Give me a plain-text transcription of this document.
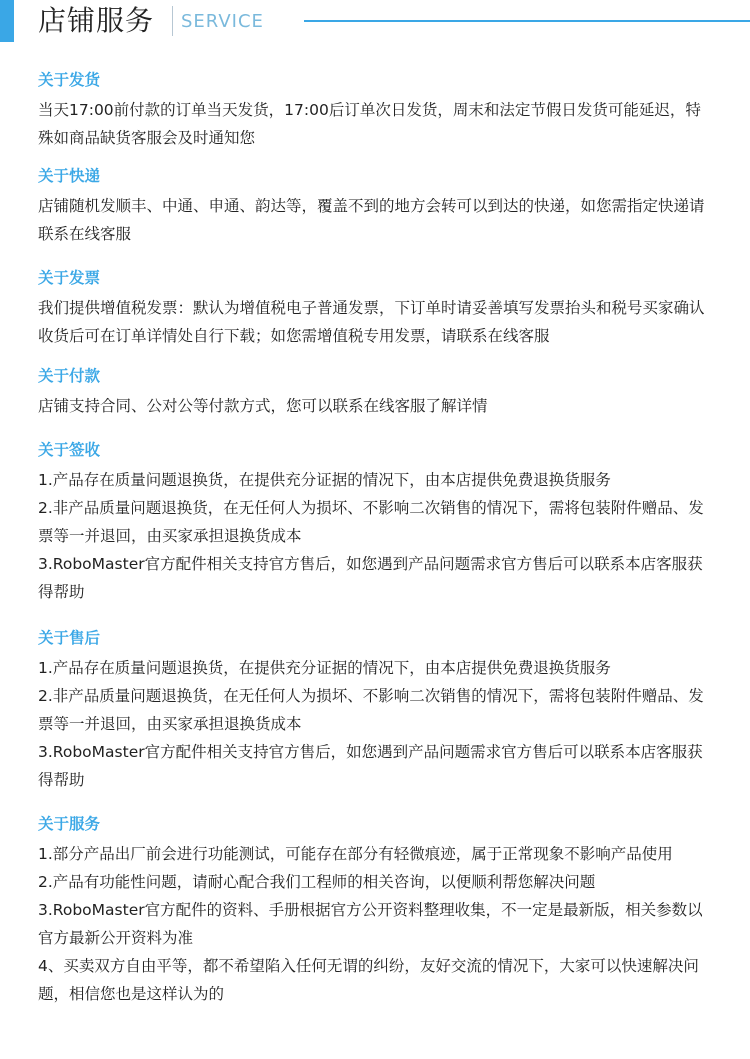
店铺服务 SERVICE
关于发货

当天17:00前付款的订单当天发货，17:00后订单次日发货，周末和法定节假日发货可能延迟，特殊如商品缺货客服会及时通知您

关于快递

店铺随机发顺丰、中通、申通、韵达等，覆盖不到的地方会转可以到达的快递，如您需指定快递请联系在线客服

关于发票

我们提供增值税发票：默认为增值税电子普通发票，下订单时请妥善填写发票抬头和税号买家确认收货后可在订单详情处自行下载；如您需增值税专用发票，请联系在线客服

关于付款

店铺支持合同、公对公等付款方式，您可以联系在线客服了解详情

关于签收

1.产品存在质量问题退换货，在提供充分证据的情况下，由本店提供免费退换货服务

2.非产品质量问题退换货，在无任何人为损坏、不影响二次销售的情况下，需将包装附件赠品、发票等一并退回，由买家承担退换货成本

3.RoboMaster官方配件相关支持官方售后，如您遇到产品问题需求官方售后可以联系本店客服获得帮助

关于售后

1.产品存在质量问题退换货，在提供充分证据的情况下，由本店提供免费退换货服务

2.非产品质量问题退换货，在无任何人为损坏、不影响二次销售的情况下，需将包装附件赠品、发票等一并退回，由买家承担退换货成本

3.RoboMaster官方配件相关支持官方售后，如您遇到产品问题需求官方售后可以联系本店客服获得帮助

关于服务

1.部分产品出厂前会进行功能测试，可能存在部分有轻微痕迹，属于正常现象不影响产品使用

2.产品有功能性问题，请耐心配合我们工程师的相关咨询，以便顺利帮您解决问题

3.RoboMaster官方配件的资料、手册根据官方公开资料整理收集，不一定是最新版，相关参数以官方最新公开资料为准

4、买卖双方自由平等，都不希望陷入任何无谓的纠纷，友好交流的情况下，大家可以快速解决问题，相信您也是这样认为的
